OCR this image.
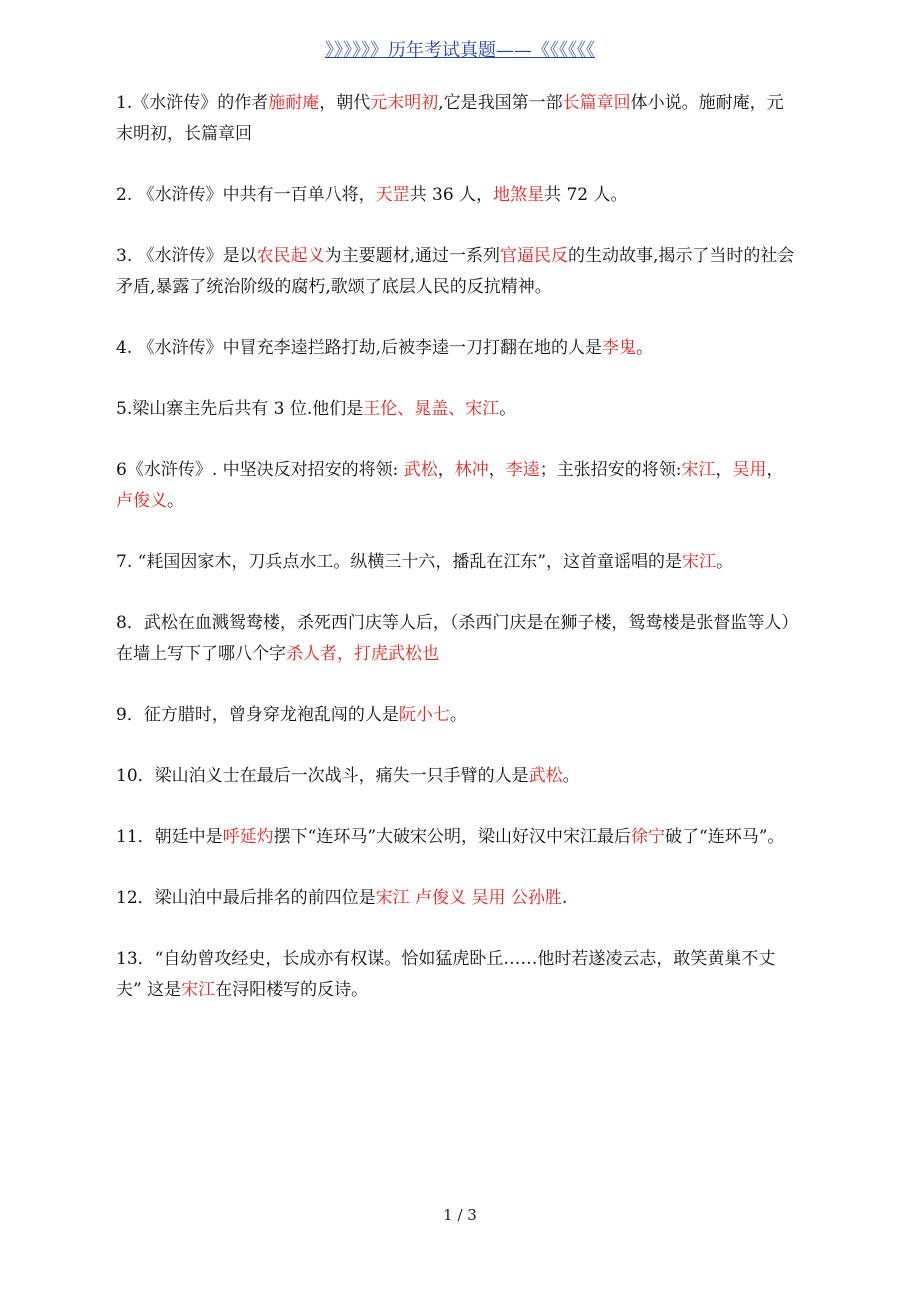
》》》》》》历年考试真题——《《《《《《

1.《水浒传》的作者施耐庵，朝代元末明初,它是我国第一部长篇章回体小说。施耐庵，元末明初，长篇章回

2. 《水浒传》中共有一百单八将，天罡共 36 人，地煞星共 72 人。

3. 《水浒传》是以农民起义为主要题材,通过一系列官逼民反的生动故事,揭示了当时的社会矛盾,暴露了统治阶级的腐朽,歌颂了底层人民的反抗精神。

4. 《水浒传》中冒充李逵拦路打劫,后被李逵一刀打翻在地的人是李鬼。

5.梁山寨主先后共有 3 位.他们是王伦、晁盖、宋江。

6《水浒传》. 中坚决反对招安的将领: 武松，林冲，李逵；主张招安的将领:宋江，吴用，卢俊义。

7. “耗国因家木，刀兵点水工。纵横三十六，播乱在江东”，这首童谣唱的是宋江。

8．武松在血溅鸳鸯楼，杀死西门庆等人后，（杀西门庆是在狮子楼，鸳鸯楼是张督监等人）在墙上写下了哪八个字杀人者，打虎武松也

9．征方腊时，曾身穿龙袍乱闯的人是阮小七。

10．梁山泊义士在最后一次战斗，痛失一只手臂的人是武松。

11．朝廷中是呼延灼摆下“连环马”大破宋公明，梁山好汉中宋江最后徐宁破了“连环马”。

12．梁山泊中最后排名的前四位是宋江 卢俊义 吴用 公孙胜.

13．“自幼曾攻经史，长成亦有权谋。恰如猛虎卧丘……他时若遂凌云志，敢笑黄巢不丈夫” 这是宋江在浔阳楼写的反诗。

1 / 3
